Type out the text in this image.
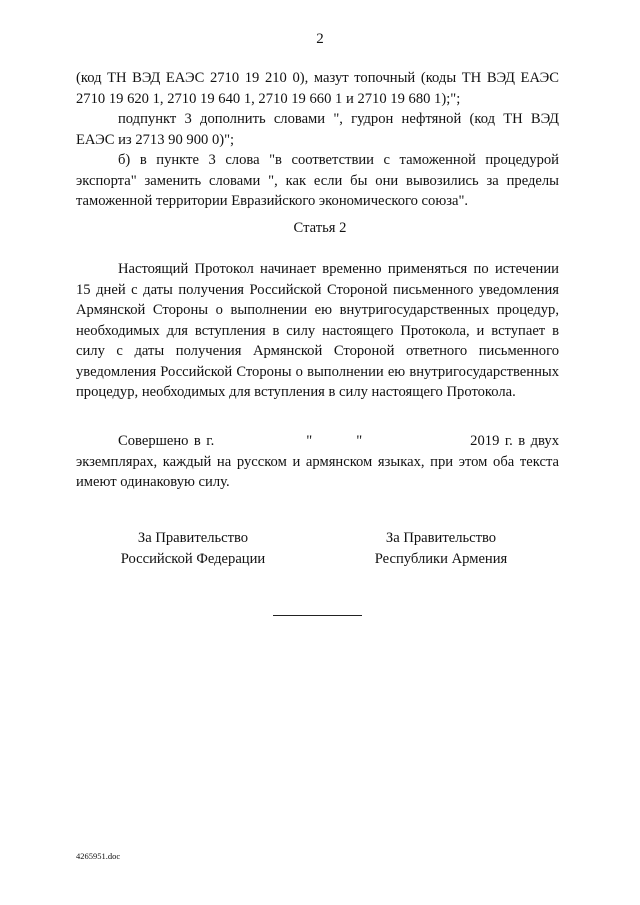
2
(код ТН ВЭД ЕАЭС 2710 19 210 0), мазут топочный (коды ТН ВЭД ЕАЭС 2710 19 620 1, 2710 19 640 1, 2710 19 660 1 и 2710 19 680 1);";
подпункт 3 дополнить словами ", гудрон нефтяной (код ТН ВЭД ЕАЭС из 2713 90 900 0)";
б) в пункте 3 слова "в соответствии с таможенной процедурой экспорта" заменить словами ", как если бы они вывозились за пределы таможенной территории Евразийского экономического союза".
Статья 2
Настоящий Протокол начинает временно применяться по истечении 15 дней с даты получения Российской Стороной письменного уведомления Армянской Стороны о выполнении ею внутригосударственных процедур, необходимых для вступления в силу настоящего Протокола, и вступает в силу с даты получения Армянской Стороной ответного письменного уведомления Российской Стороны о выполнении ею внутригосударственных процедур, необходимых для вступления в силу настоящего Протокола.
Совершено в г.	"	"	2019 г. в двух экземплярах, каждый на русском и армянском языках, при этом оба текста имеют одинаковую силу.
За Правительство
Российской Федерации
За Правительство
Республики Армения
4265951.doc
